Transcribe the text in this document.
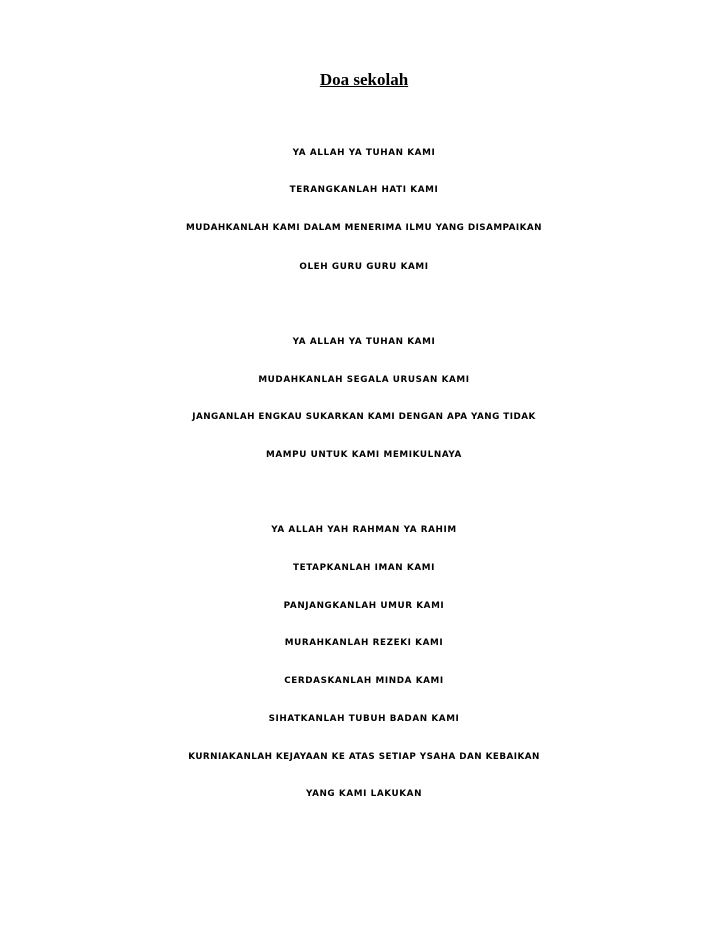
Doa sekolah
YA ALLAH YA TUHAN KAMI
TERANGKANLAH HATI KAMI
MUDAHKANLAH KAMI DALAM MENERIMA ILMU YANG DISAMPAIKAN
OLEH GURU GURU KAMI
YA ALLAH YA TUHAN KAMI
MUDAHKANLAH SEGALA URUSAN KAMI
JANGANLAH ENGKAU SUKARKAN KAMI DENGAN APA YANG TIDAK
MAMPU UNTUK KAMI MEMIKULNAYA
YA ALLAH YAH RAHMAN YA RAHIM
TETAPKANLAH IMAN KAMI
PANJANGKANLAH UMUR KAMI
MURAHKANLAH REZEKI KAMI
CERDASKANLAH MINDA KAMI
SIHATKANLAH TUBUH BADAN KAMI
KURNIAKANLAH KEJAYAAN KE ATAS SETIAP YSAHA DAN KEBAIKAN
YANG KAMI LAKUKAN
